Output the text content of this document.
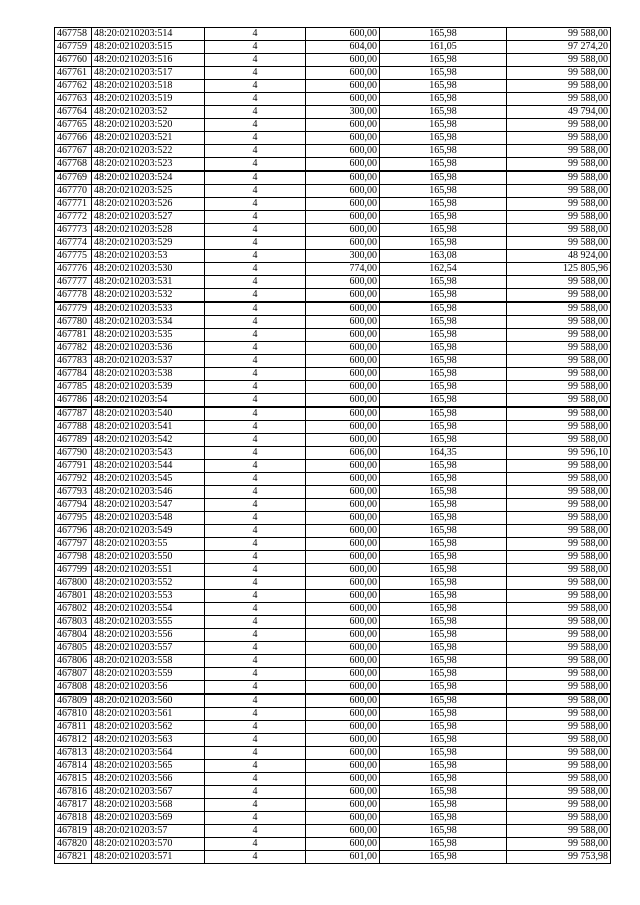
467758	48:20:0210203:514	4	600,00	165,98	99 588,00
467759	48:20:0210203:515	4	604,00	161,05	97 274,20
467760	48:20:0210203:516	4	600,00	165,98	99 588,00
467761	48:20:0210203:517	4	600,00	165,98	99 588,00
467762	48:20:0210203:518	4	600,00	165,98	99 588,00
467763	48:20:0210203:519	4	600,00	165,98	99 588,00
467764	48:20:0210203:52	4	300,00	165,98	49 794,00
467765	48:20:0210203:520	4	600,00	165,98	99 588,00
467766	48:20:0210203:521	4	600,00	165,98	99 588,00
467767	48:20:0210203:522	4	600,00	165,98	99 588,00
467768	48:20:0210203:523	4	600,00	165,98	99 588,00
467769	48:20:0210203:524	4	600,00	165,98	99 588,00
467770	48:20:0210203:525	4	600,00	165,98	99 588,00
467771	48:20:0210203:526	4	600,00	165,98	99 588,00
467772	48:20:0210203:527	4	600,00	165,98	99 588,00
467773	48:20:0210203:528	4	600,00	165,98	99 588,00
467774	48:20:0210203:529	4	600,00	165,98	99 588,00
467775	48:20:0210203:53	4	300,00	163,08	48 924,00
467776	48:20:0210203:530	4	774,00	162,54	125 805,96
467777	48:20:0210203:531	4	600,00	165,98	99 588,00
467778	48:20:0210203:532	4	600,00	165,98	99 588,00
467779	48:20:0210203:533	4	600,00	165,98	99 588,00
467780	48:20:0210203:534	4	600,00	165,98	99 588,00
467781	48:20:0210203:535	4	600,00	165,98	99 588,00
467782	48:20:0210203:536	4	600,00	165,98	99 588,00
467783	48:20:0210203:537	4	600,00	165,98	99 588,00
467784	48:20:0210203:538	4	600,00	165,98	99 588,00
467785	48:20:0210203:539	4	600,00	165,98	99 588,00
467786	48:20:0210203:54	4	600,00	165,98	99 588,00
467787	48:20:0210203:540	4	600,00	165,98	99 588,00
467788	48:20:0210203:541	4	600,00	165,98	99 588,00
467789	48:20:0210203:542	4	600,00	165,98	99 588,00
467790	48:20:0210203:543	4	606,00	164,35	99 596,10
467791	48:20:0210203:544	4	600,00	165,98	99 588,00
467792	48:20:0210203:545	4	600,00	165,98	99 588,00
467793	48:20:0210203:546	4	600,00	165,98	99 588,00
467794	48:20:0210203:547	4	600,00	165,98	99 588,00
467795	48:20:0210203:548	4	600,00	165,98	99 588,00
467796	48:20:0210203:549	4	600,00	165,98	99 588,00
467797	48:20:0210203:55	4	600,00	165,98	99 588,00
467798	48:20:0210203:550	4	600,00	165,98	99 588,00
467799	48:20:0210203:551	4	600,00	165,98	99 588,00
467800	48:20:0210203:552	4	600,00	165,98	99 588,00
467801	48:20:0210203:553	4	600,00	165,98	99 588,00
467802	48:20:0210203:554	4	600,00	165,98	99 588,00
467803	48:20:0210203:555	4	600,00	165,98	99 588,00
467804	48:20:0210203:556	4	600,00	165,98	99 588,00
467805	48:20:0210203:557	4	600,00	165,98	99 588,00
467806	48:20:0210203:558	4	600,00	165,98	99 588,00
467807	48:20:0210203:559	4	600,00	165,98	99 588,00
467808	48:20:0210203:56	4	600,00	165,98	99 588,00
467809	48:20:0210203:560	4	600,00	165,98	99 588,00
467810	48:20:0210203:561	4	600,00	165,98	99 588,00
467811	48:20:0210203:562	4	600,00	165,98	99 588,00
467812	48:20:0210203:563	4	600,00	165,98	99 588,00
467813	48:20:0210203:564	4	600,00	165,98	99 588,00
467814	48:20:0210203:565	4	600,00	165,98	99 588,00
467815	48:20:0210203:566	4	600,00	165,98	99 588,00
467816	48:20:0210203:567	4	600,00	165,98	99 588,00
467817	48:20:0210203:568	4	600,00	165,98	99 588,00
467818	48:20:0210203:569	4	600,00	165,98	99 588,00
467819	48:20:0210203:57	4	600,00	165,98	99 588,00
467820	48:20:0210203:570	4	600,00	165,98	99 588,00
467821	48:20:0210203:571	4	601,00	165,98	99 753,98
